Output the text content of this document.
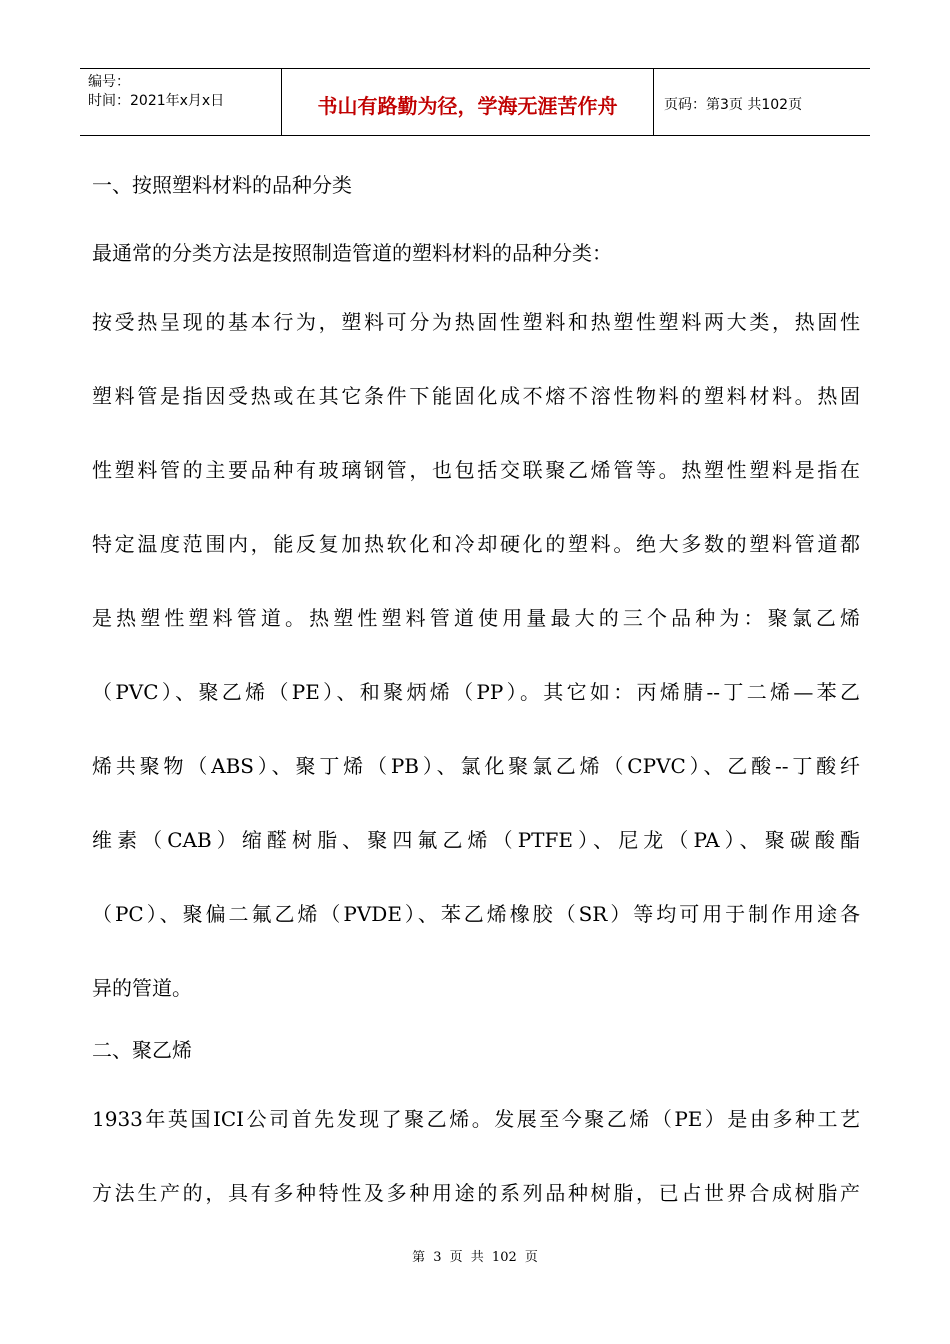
编号：
时间：2021年x月x日	书山有路勤为径，学海无涯苦作舟	页码：第3页 共102页

一、按照塑料材料的品种分类

最通常的分类方法是按照制造管道的塑料材料的品种分类：

按受热呈现的基本行为，塑料可分为热固性塑料和热塑性塑料两大类，热固性
塑料管是指因受热或在其它条件下能固化成不熔不溶性物料的塑料材料。热固
性塑料管的主要品种有玻璃钢管，也包括交联聚乙烯管等。热塑性塑料是指在
特定温度范围内，能反复加热软化和冷却硬化的塑料。绝大多数的塑料管道都
是热塑性塑料管道。热塑性塑料管道使用量最大的三个品种为：聚氯乙烯
（PVC）、聚乙烯（PE）、和聚炳烯（PP）。其它如：丙烯腈--丁二烯—苯乙
烯共聚物（ABS）、聚丁烯（PB）、氯化聚氯乙烯（CPVC）、乙酸--丁酸纤
维素（CAB）缩醛树脂、聚四氟乙烯（PTFE）、尼龙（PA）、聚碳酸酯
（PC）、聚偏二氟乙烯（PVDE）、苯乙烯橡胶（SR）等均可用于制作用途各
异的管道。

二、聚乙烯

1933年英国ICI公司首先发现了聚乙烯。发展至今聚乙烯（PE）是由多种工艺
方法生产的，具有多种特性及多种用途的系列品种树脂，已占世界合成树脂产
第 3 页 共 102 页
